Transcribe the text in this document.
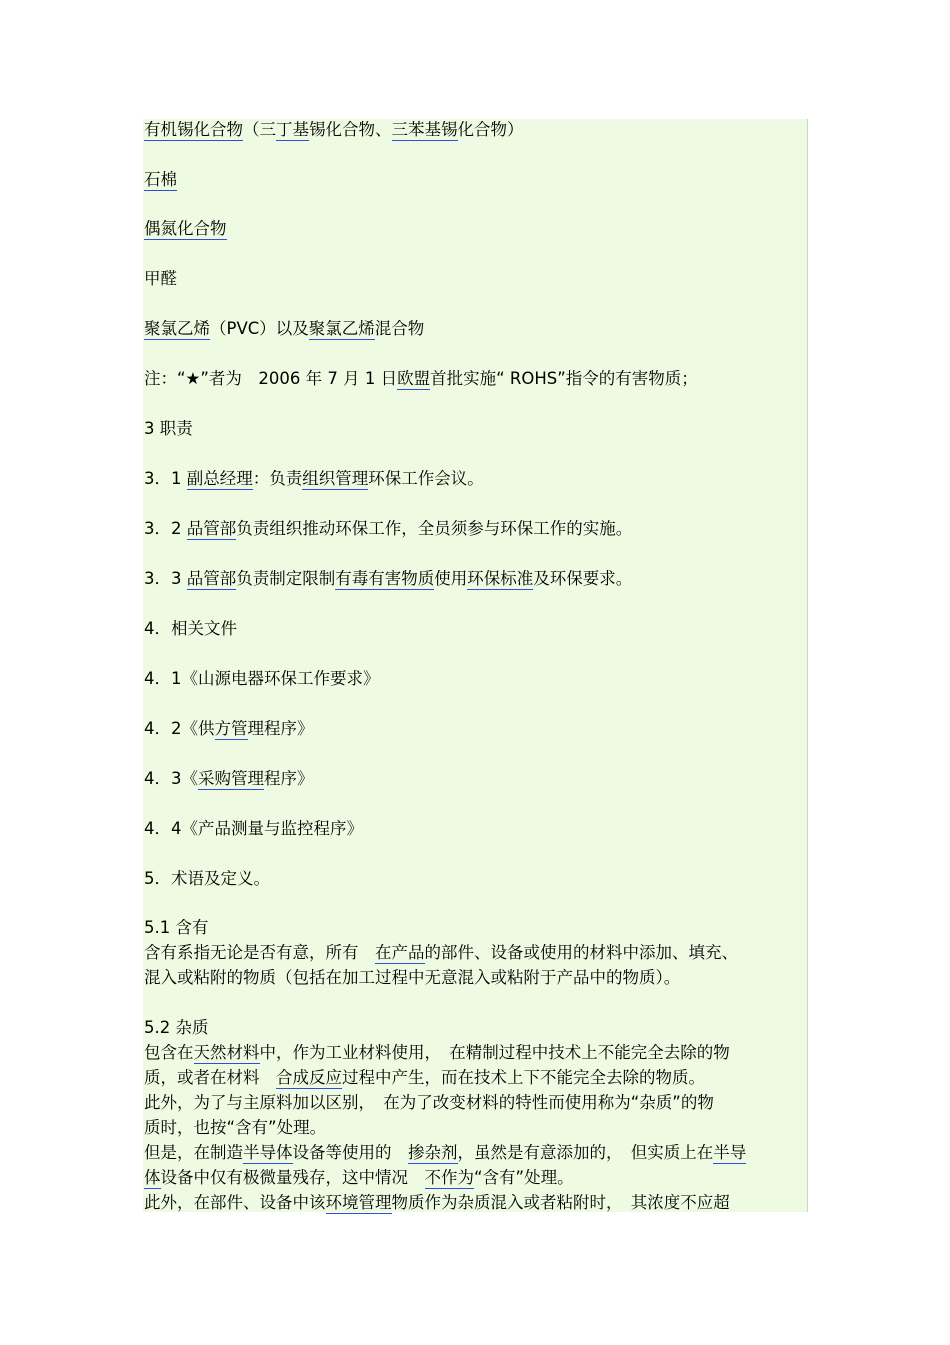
有机锡化合物（三丁基锡化合物、三苯基锡化合物）
石棉
偶氮化合物
甲醛
聚氯乙烯（PVC）以及聚氯乙烯混合物
注：“★”者为　2006 年 7 月 1 日欧盟首批实施“ ROHS”指令的有害物质；
3 职责
3．1 副总经理：负责组织管理环保工作会议。
3．2 品管部负责组织推动环保工作，全员须参与环保工作的实施。
3．3 品管部负责制定限制有毒有害物质使用环保标准及环保要求。
4．相关文件
4．1《山源电器环保工作要求》
4．2《供方管理程序》
4．3《采购管理程序》
4．4《产品测量与监控程序》
5．术语及定义。
5.1 含有
含有系指无论是否有意，所有　在产品的部件、设备或使用的材料中添加、填充、
混入或粘附的物质（包括在加工过程中无意混入或粘附于产品中的物质）。
5.2 杂质
包含在天然材料中，作为工业材料使用，　在精制过程中技术上不能完全去除的物
质，或者在材料　合成反应过程中产生，而在技术上下不能完全去除的物质。
此外，为了与主原料加以区别，　在为了改变材料的特性而使用称为“杂质”的物
质时，也按“含有”处理。
但是，在制造半导体设备等使用的　掺杂剂，虽然是有意添加的，　但实质上在半导
体设备中仅有极微量残存，这中情况　不作为“含有”处理。
此外，在部件、设备中该环境管理物质作为杂质混入或者粘附时，　其浓度不应超
